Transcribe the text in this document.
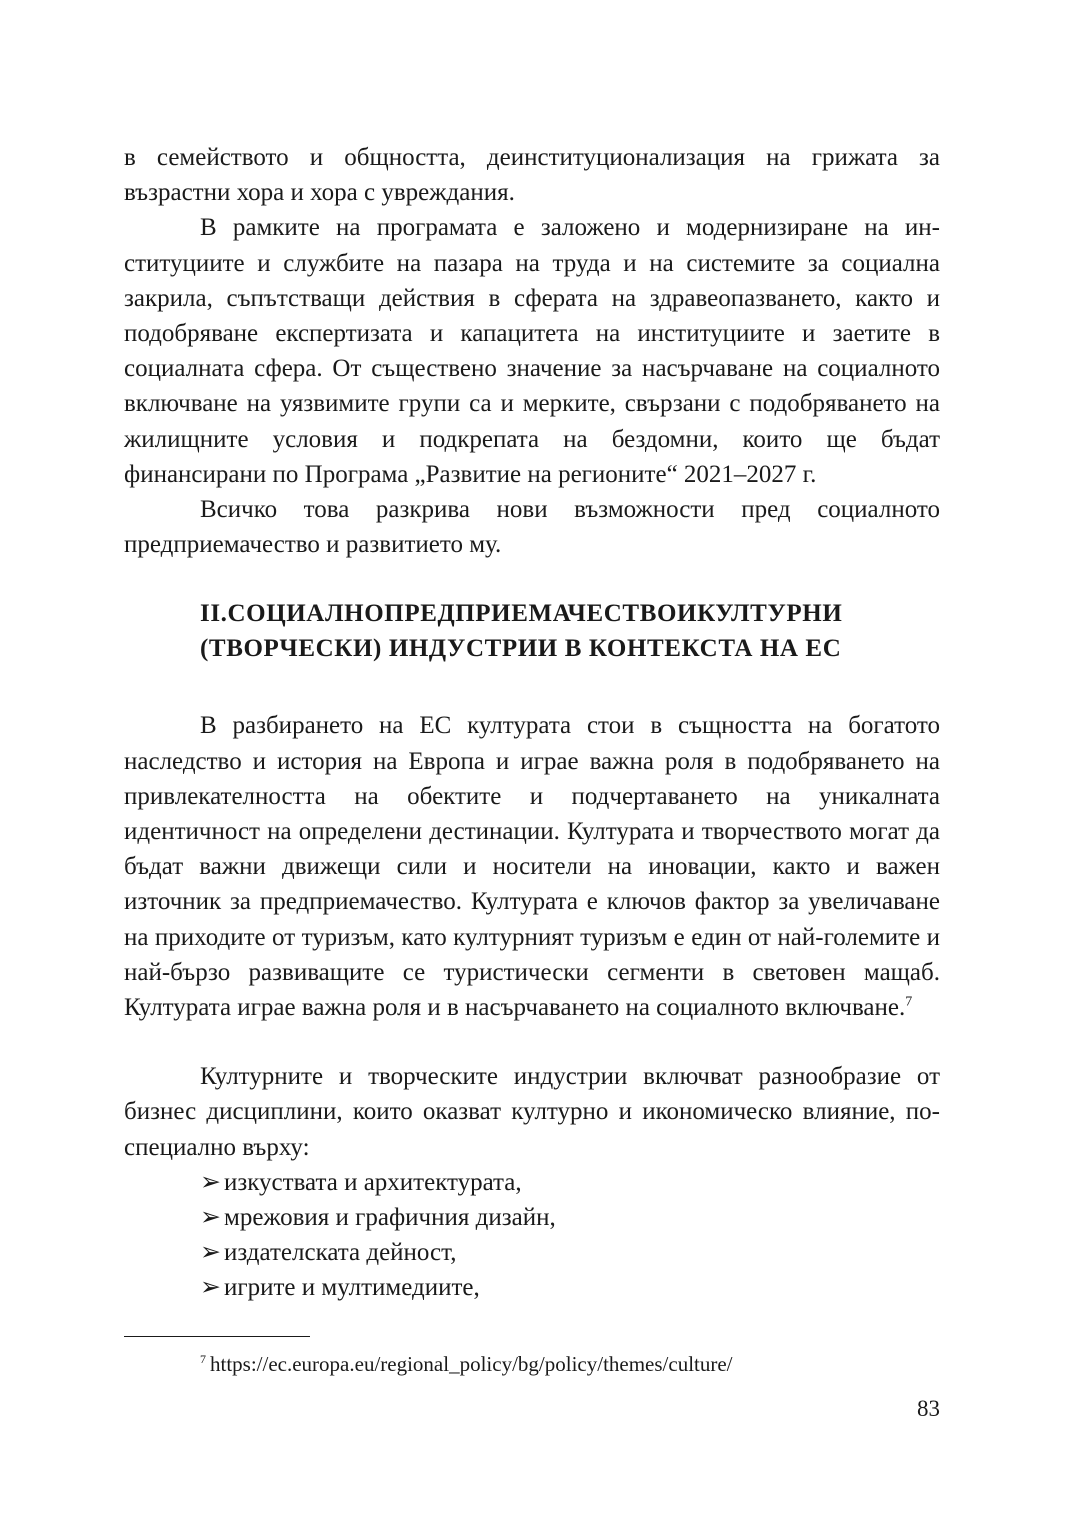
в семейството и общността, деинституционализация на грижата за възрастни хора и хора с увреждания.

В рамките на програмата е заложено и модернизиране на институциите и службите на пазара на труда и на системите за социална закрила, съпътстващи действия в сферата на здравеопазването, както и подобряване експертизата и капацитета на институциите и заетите в социалната сфера. От съществено значение за насърчаване на социалното включване на уязвимите групи са и мерките, свързани с подобряването на жилищните условия и подкрепата на бездомни, които ще бъдат финансирани по Програма „Развитие на регионите“ 2021–2027 г.

Всичко това разкрива нови възможности пред социалното предприемачество и развитието му.

II.СОЦИАЛНОПРЕДПРИЕМАЧЕСТВОИКУЛТУРНИ
(ТВОРЧЕСКИ) ИНДУСТРИИ В КОНТЕКСТА НА ЕС

В разбирането на ЕС културата стои в същността на богатото наследство и история на Европа и играе важна роля в подобряването на привлекателността на обектите и подчертаването на уникалната идентичност на определени дестинации. Културата и творчеството могат да бъдат важни движещи сили и носители на иновации, както и важен източник за предприемачество. Културата е ключов фактор за увеличаване на приходите от туризъм, като културният туризъм е един от най-големите и най-бързо развиващите се туристически сегменти в световен мащаб. Културата играе важна роля и в насърчаването на социалното включване.$^7$

Културните и творческите индустрии включват разнообразие от бизнес дисциплини, които оказват културно и икономическо влияние, по-специално върху:

➢ изкуствата и архитектурата,
➢ мрежовия и графичния дизайн,
➢ издателската дейност,
➢ игрите и мултимедиите,
$^7$ https://ec.europa.eu/regional_policy/bg/policy/themes/culture/
83
